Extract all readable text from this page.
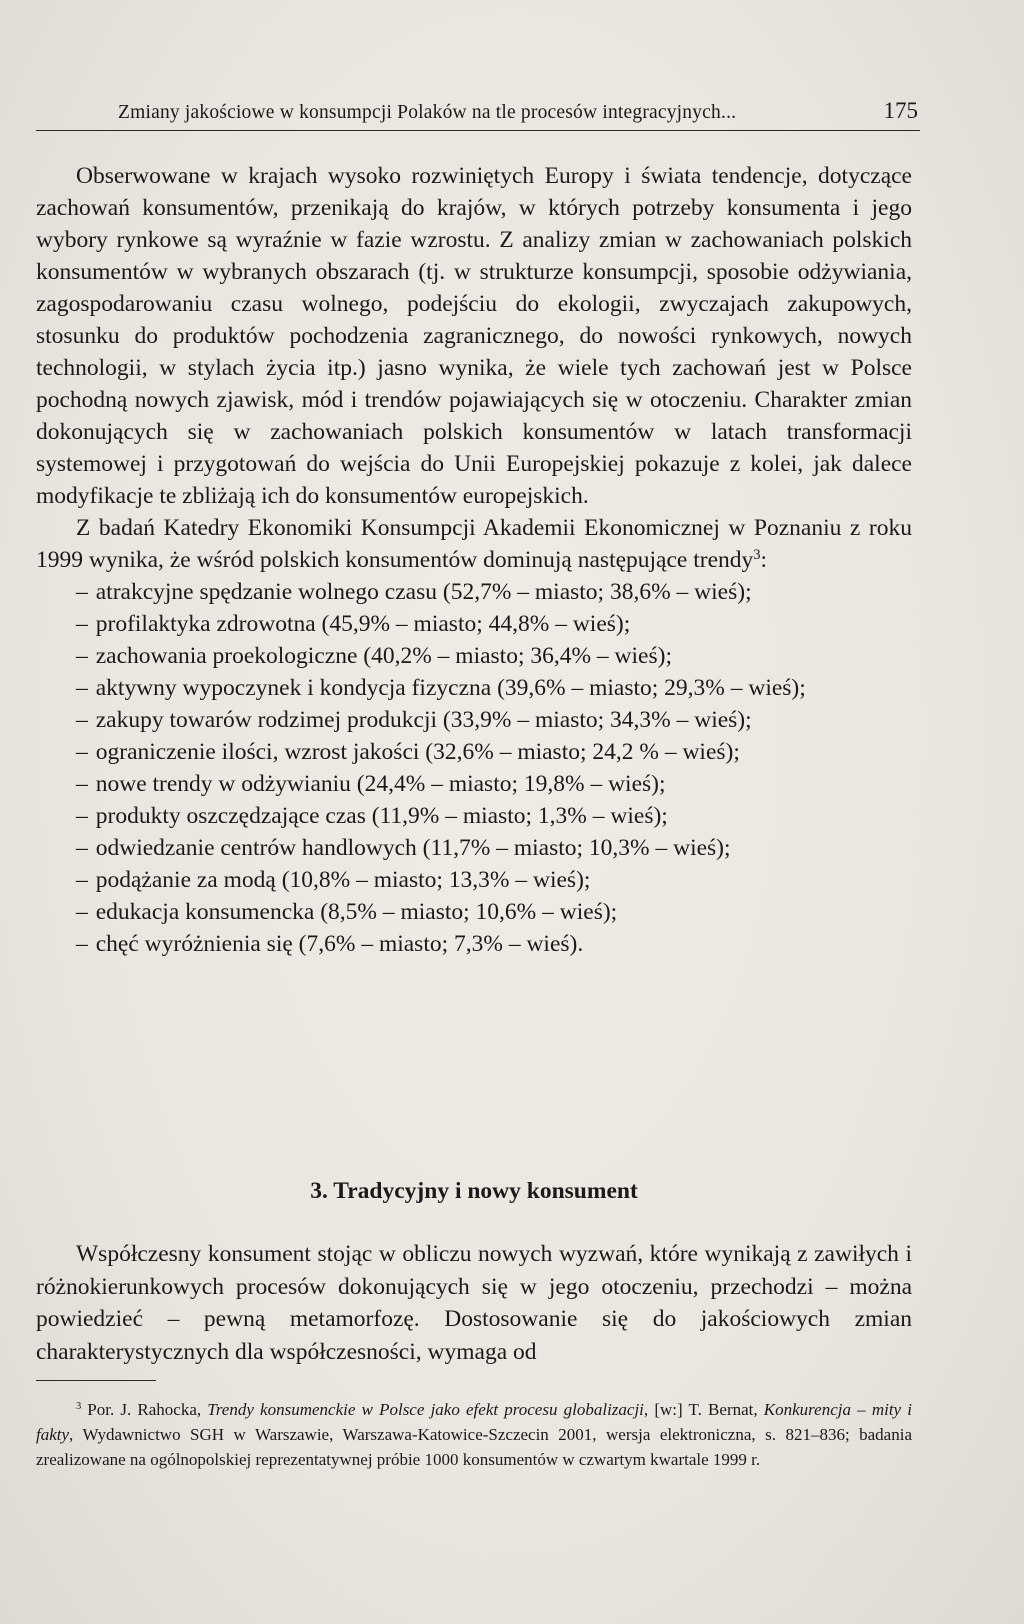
Zmiany jakościowe w konsumpcji Polaków na tle procesów integracyjnych...	175

Obserwowane w krajach wysoko rozwiniętych Europy i świata tendencje, dotyczące zachowań konsumentów, przenikają do krajów, w których potrzeby konsumenta i jego wybory rynkowe są wyraźnie w fazie wzrostu. Z analizy zmian w zachowaniach polskich konsumentów w wybranych obszarach (tj. w strukturze konsumpcji, sposobie odżywiania, zagospodarowaniu czasu wolnego, podejściu do ekologii, zwyczajach zakupowych, stosunku do produktów pochodzenia zagranicznego, do nowości rynkowych, nowych technologii, w stylach życia itp.) jasno wynika, że wiele tych zachowań jest w Polsce pochodną nowych zjawisk, mód i trendów pojawiających się w otoczeniu. Charakter zmian dokonujących się w zachowaniach polskich konsumentów w latach transformacji systemowej i przygotowań do wejścia do Unii Europejskiej pokazuje z kolei, jak dalece modyfikacje te zbliżają ich do konsumentów europejskich.

Z badań Katedry Ekonomiki Konsumpcji Akademii Ekonomicznej w Poznaniu z roku 1999 wynika, że wśród polskich konsumentów dominują następujące trendy$^3$:

– atrakcyjne spędzanie wolnego czasu (52,7% – miasto; 38,6% – wieś);
– profilaktyka zdrowotna (45,9% – miasto; 44,8% – wieś);
– zachowania proekologiczne (40,2% – miasto; 36,4% – wieś);
– aktywny wypoczynek i kondycja fizyczna (39,6% – miasto; 29,3% – wieś);
– zakupy towarów rodzimej produkcji (33,9% – miasto; 34,3% – wieś);
– ograniczenie ilości, wzrost jakości (32,6% – miasto; 24,2 % – wieś);
– nowe trendy w odżywianiu (24,4% – miasto; 19,8% – wieś);
– produkty oszczędzające czas (11,9% – miasto; 1,3% – wieś);
– odwiedzanie centrów handlowych (11,7% – miasto; 10,3% – wieś);
– podążanie za modą (10,8% – miasto; 13,3% – wieś);
– edukacja konsumencka (8,5% – miasto; 10,6% – wieś);
– chęć wyróżnienia się (7,6% – miasto; 7,3% – wieś).
3. Tradycyjny i nowy konsument

Współczesny konsument stojąc w obliczu nowych wyzwań, które wynikają z zawiłych i różnokierunkowych procesów dokonujących się w jego otoczeniu, przechodzi – można powiedzieć – pewną metamorfozę. Dostosowanie się do jakościowych zmian charakterystycznych dla współczesności, wymaga od

$^3$ Por. J. Rahocka, Trendy konsumenckie w Polsce jako efekt procesu globalizacji, [w:] T. Bernat, Konkurencja – mity i fakty, Wydawnictwo SGH w Warszawie, Warszawa-Katowice-Szczecin 2001, wersja elektroniczna, s. 821–836; badania zrealizowane na ogólnopolskiej reprezentatywnej próbie 1000 konsumentów w czwartym kwartale 1999 r.
